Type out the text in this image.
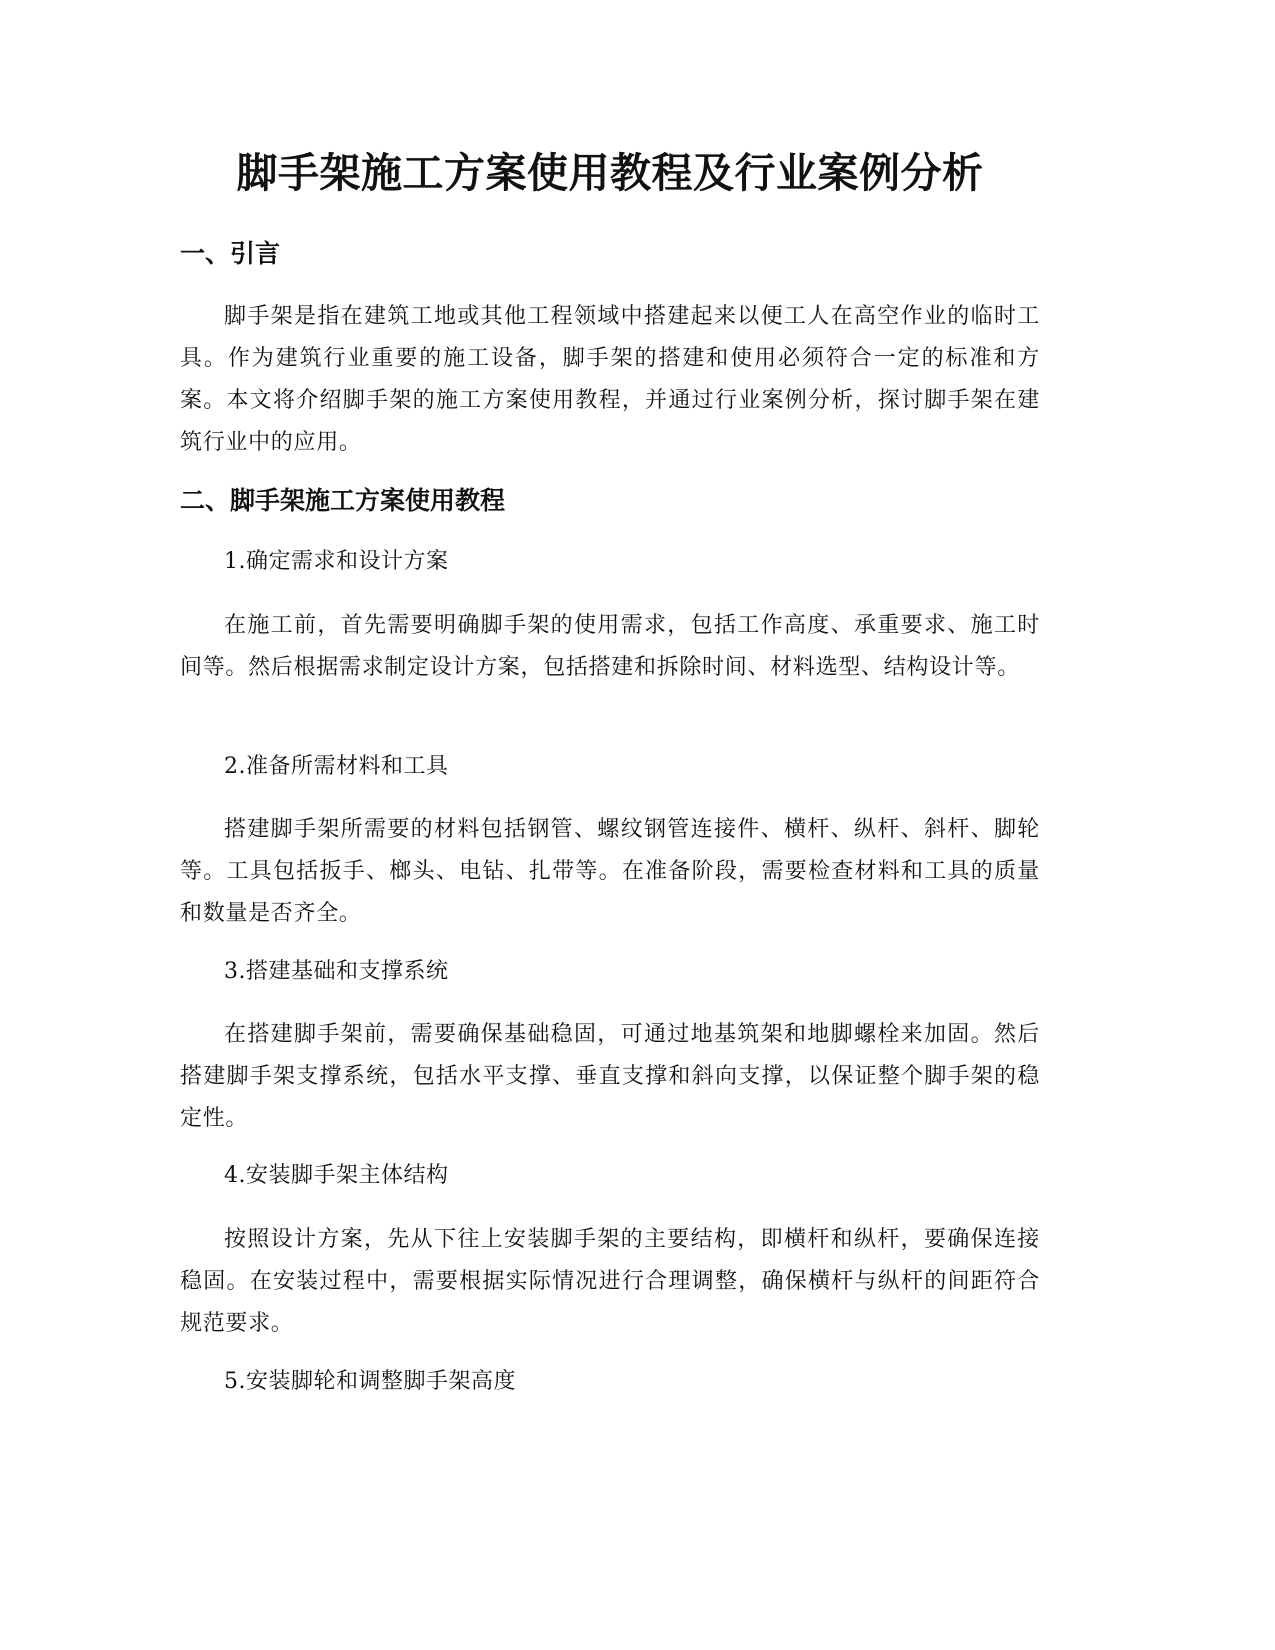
脚手架施工方案使用教程及行业案例分析
一、引言

脚手架是指在建筑工地或其他工程领域中搭建起来以便工人在高空作业的临时工具。作为建筑行业重要的施工设备，脚手架的搭建和使用必须符合一定的标准和方案。本文将介绍脚手架的施工方案使用教程，并通过行业案例分析，探讨脚手架在建筑行业中的应用。

二、脚手架施工方案使用教程

1.确定需求和设计方案

在施工前，首先需要明确脚手架的使用需求，包括工作高度、承重要求、施工时间等。然后根据需求制定设计方案，包括搭建和拆除时间、材料选型、结构设计等。

2.准备所需材料和工具

搭建脚手架所需要的材料包括钢管、螺纹钢管连接件、横杆、纵杆、斜杆、脚轮等。工具包括扳手、榔头、电钻、扎带等。在准备阶段，需要检查材料和工具的质量和数量是否齐全。

3.搭建基础和支撑系统

在搭建脚手架前，需要确保基础稳固，可通过地基筑架和地脚螺栓来加固。然后搭建脚手架支撑系统，包括水平支撑、垂直支撑和斜向支撑，以保证整个脚手架的稳定性。

4.安装脚手架主体结构

按照设计方案，先从下往上安装脚手架的主要结构，即横杆和纵杆，要确保连接稳固。在安装过程中，需要根据实际情况进行合理调整，确保横杆与纵杆的间距符合规范要求。

5.安装脚轮和调整脚手架高度
